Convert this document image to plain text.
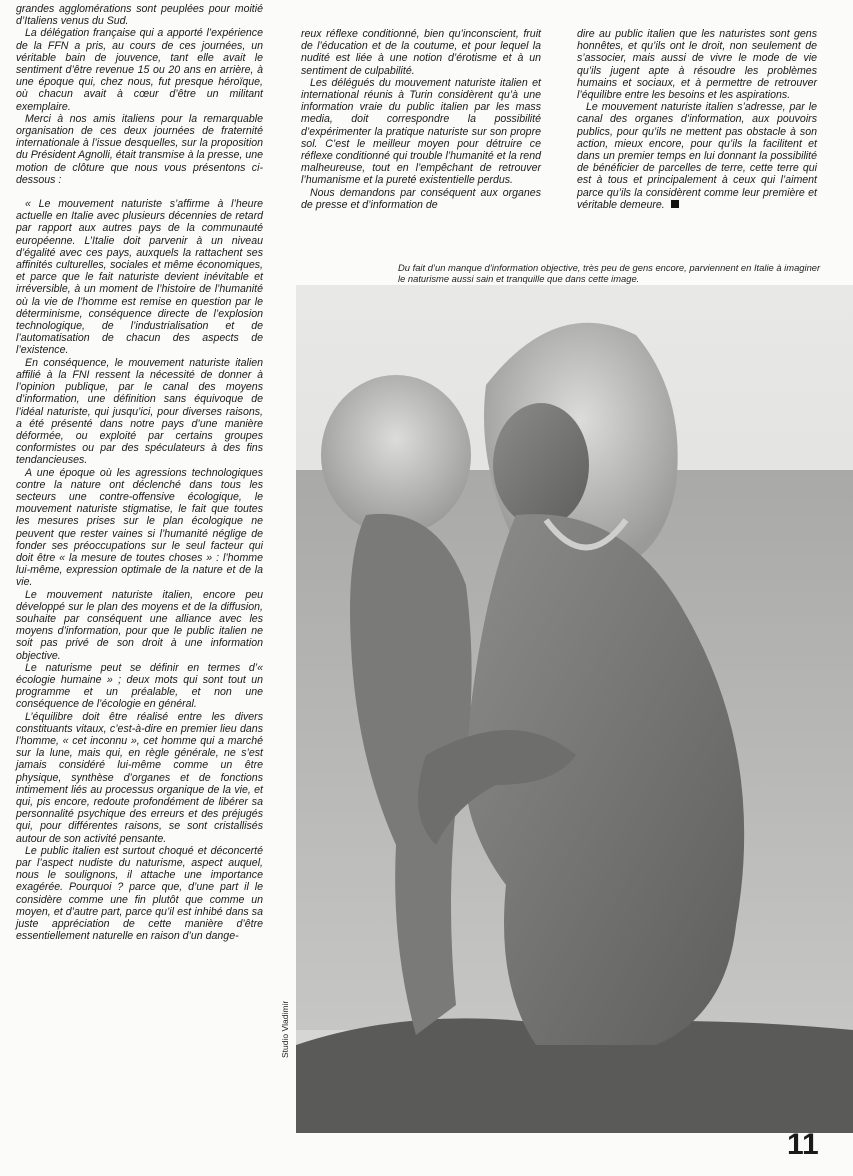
grandes agglomérations sont peuplées pour moitié d’Italiens venus du Sud.

La délégation française qui a apporté l’expérience de la FFN a pris, au cours de ces journées, un véritable bain de jouvence, tant elle avait le sentiment d’être revenue 15 ou 20 ans en arrière, à une époque qui, chez nous, fut presque héroïque, où chacun avait à cœur d’être un militant exemplaire.

Merci à nos amis italiens pour la remarquable organisation de ces deux journées de fraternité internationale à l’issue desquelles, sur la proposition du Président Agnolli, était transmise à la presse, une motion de clôture que nous vous présentons ci-dessous :

« Le mouvement naturiste s’affirme à l’heure actuelle en Italie avec plusieurs décennies de retard par rapport aux autres pays de la communauté européenne. L’Italie doit parvenir à un niveau d’égalité avec ces pays, auxquels la rattachent ses affinités culturelles, sociales et même économiques, et parce que le fait naturiste devient inévitable et irréversible, à un moment de l’histoire de l’humanité où la vie de l’homme est remise en question par le déterminisme, conséquence directe de l’explosion technologique, de l’industrialisation et de l’automatisation de chacun des aspects de l’existence.

En conséquence, le mouvement naturiste italien affilié à la FNI ressent la nécessité de donner à l’opinion publique, par le canal des moyens d’information, une définition sans équivoque de l’idéal naturiste, qui jusqu’ici, pour diverses raisons, a été présenté dans notre pays d’une manière déformée, ou exploité par certains groupes conformistes ou par des spéculateurs à des fins tendancieuses.

A une époque où les agressions technologiques contre la nature ont déclenché dans tous les secteurs une contre-offensive écologique, le mouvement naturiste stigmatise, le fait que toutes les mesures prises sur le plan écologique ne peuvent que rester vaines si l’humanité néglige de fonder ses préoccupations sur le seul facteur qui doit être « la mesure de toutes choses » : l’homme lui-même, expression optimale de la nature et de la vie.

Le mouvement naturiste italien, encore peu développé sur le plan des moyens et de la diffusion, souhaite par conséquent une alliance avec les moyens d’information, pour que le public italien ne soit pas privé de son droit à une information objective.

Le naturisme peut se définir en termes d’« écologie humaine » ; deux mots qui sont tout un programme et un préalable, et non une conséquence de l’écologie en général.

L’équilibre doit être réalisé entre les divers constituants vitaux, c’est-à-dire en premier lieu dans l’homme, « cet inconnu », cet homme qui a marché sur la lune, mais qui, en règle générale, ne s’est jamais considéré lui-même comme un être physique, synthèse d’organes et de fonctions intimement liés au processus organique de la vie, et qui, pis encore, redoute profondément de libérer sa personnalité psychique des erreurs et des préjugés qui, pour différentes raisons, se sont cristallisés autour de son activité pensante.

Le public italien est surtout choqué et déconcerté par l’aspect nudiste du naturisme, aspect auquel, nous le soulignons, il attache une importance exagérée. Pourquoi ? parce que, d’une part il le considère comme une fin plutôt que comme un moyen, et d’autre part, parce qu’il est inhibé dans sa juste appréciation de cette manière d’être essentiellement naturelle en raison d’un dange-

reux réflexe conditionné, bien qu’inconscient, fruit de l’éducation et de la coutume, et pour lequel la nudité est liée à une notion d’érotisme et à un sentiment de culpabilité.

Les délégués du mouvement naturiste italien et international réunis à Turin considèrent qu’à une information vraie du public italien par les mass media, doit correspondre la possibilité d’expérimenter la pratique naturiste sur son propre sol. C’est le meilleur moyen pour détruire ce réflexe conditionné qui trouble l’humanité et la rend malheureuse, tout en l’empêchant de retrouver l’humanisme et la pureté existentielle perdus.

Nous demandons par conséquent aux organes de presse et d’information de

dire au public italien que les naturistes sont gens honnêtes, et qu’ils ont le droit, non seulement de s’associer, mais aussi de vivre le mode de vie qu’ils jugent apte à résoudre les problèmes humains et sociaux, et à permettre de retrouver l’équilibre entre les besoins et les aspirations.

Le mouvement naturiste italien s’adresse, par le canal des organes d’information, aux pouvoirs publics, pour qu’ils ne mettent pas obstacle à son action, mieux encore, pour qu’ils la facilitent et dans un premier temps en lui donnant la possibilité de bénéficier de parcelles de terre, cette terre qui est à tous et principalement à ceux qui l’aiment parce qu’ils la considèrent comme leur première et véritable demeure.

Du fait d’un manque d’information objective, très peu de gens encore, parviennent en Italie à imaginer le naturisme aussi sain et tranquille que dans cette image.
Studio Vladimir
11
